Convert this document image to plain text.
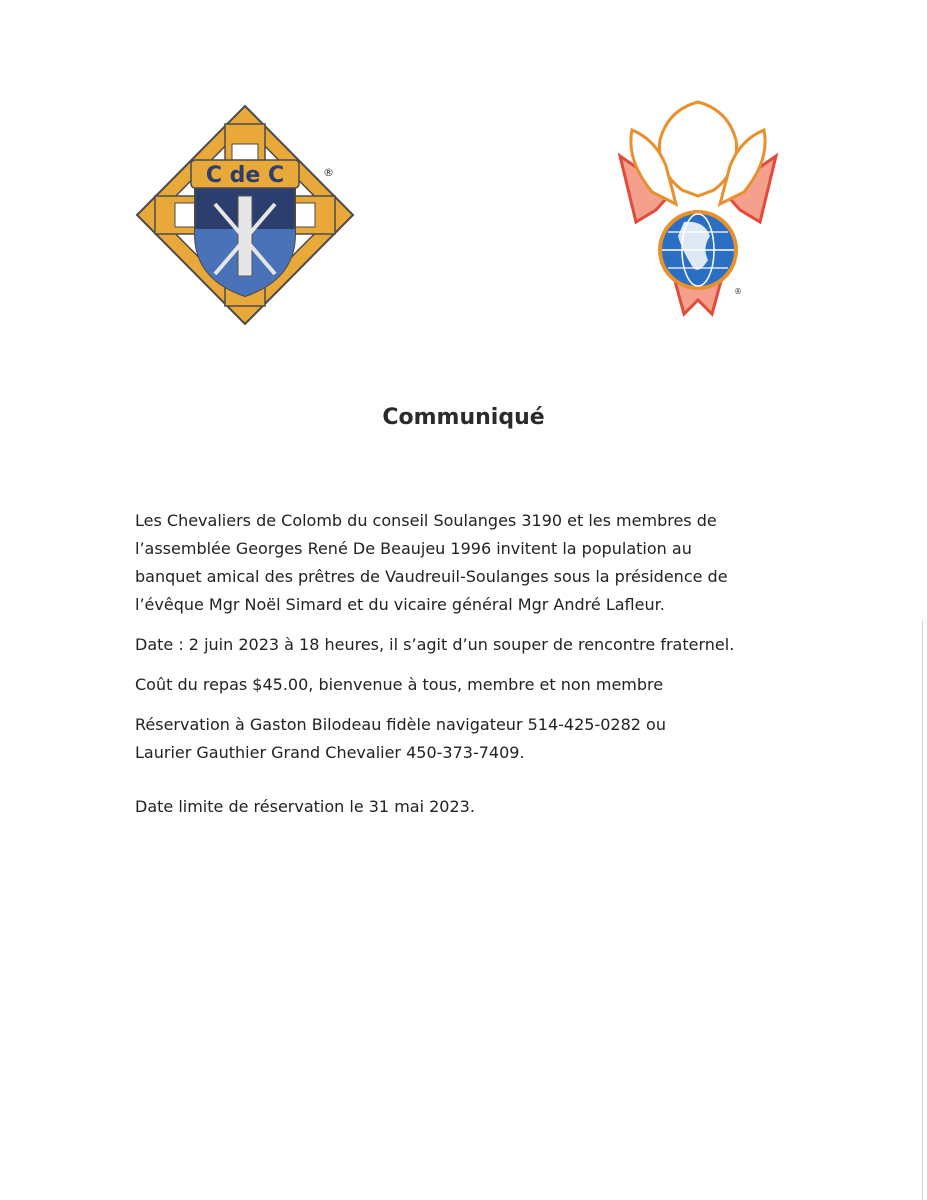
C de C	®
®
Communiqué
Les Chevaliers de Colomb du conseil Soulanges 3190 et les membres de
l’assemblée Georges René De Beaujeu 1996 invitent la population au
banquet amical des prêtres de Vaudreuil-Soulanges sous la présidence de
l’évêque Mgr Noël Simard et du vicaire général Mgr André Lafleur.
Date : 2 juin 2023 à 18 heures, il s’agit d’un souper de rencontre fraternel.
Coût du repas $45.00, bienvenue à tous, membre et non membre
Réservation à Gaston Bilodeau fidèle navigateur 514-425-0282 ou
Laurier Gauthier Grand Chevalier 450-373-7409.
Date limite de réservation le 31 mai 2023.
